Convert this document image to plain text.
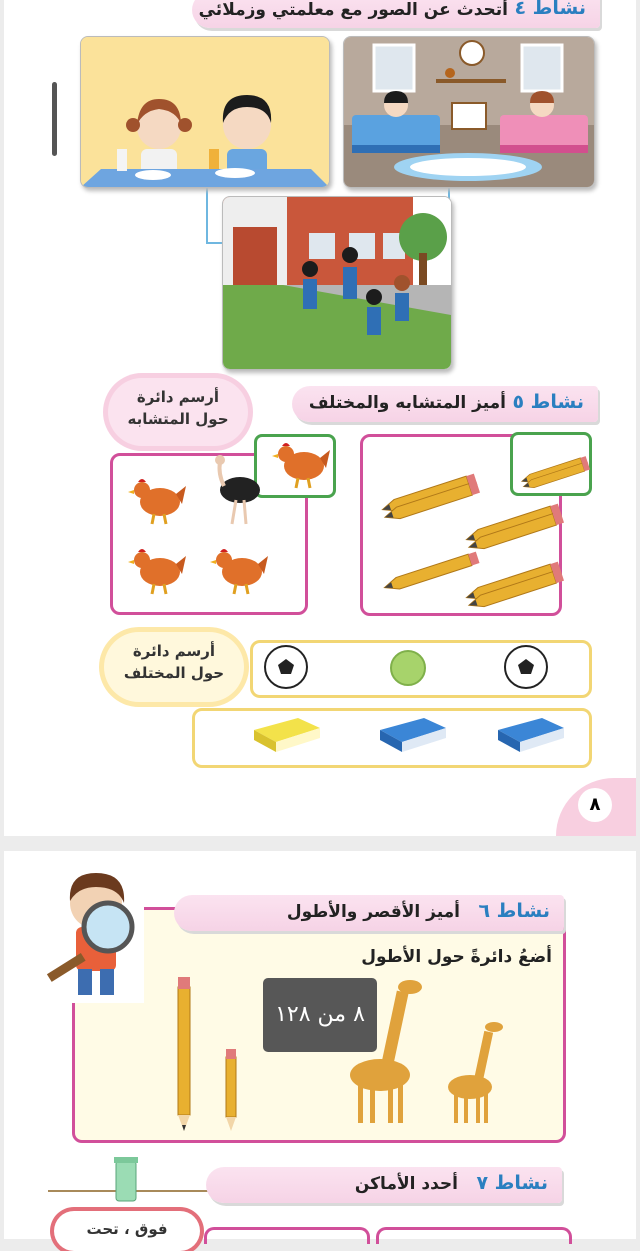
نشاط ٤
أتحدث عن الصور مع معلمتي وزملائي
نشاط ٥
أميز المتشابه والمختلف
أرسم دائرة
حول المتشابه
أرسم دائرة
حول المختلف
٨
نشاط ٦
أميز الأقصر والأطول
أضعُ دائرةً حول الأطول
نشاط ٧
أحدد الأماكن
فوق ، تحت
٨ من ١٢٨
